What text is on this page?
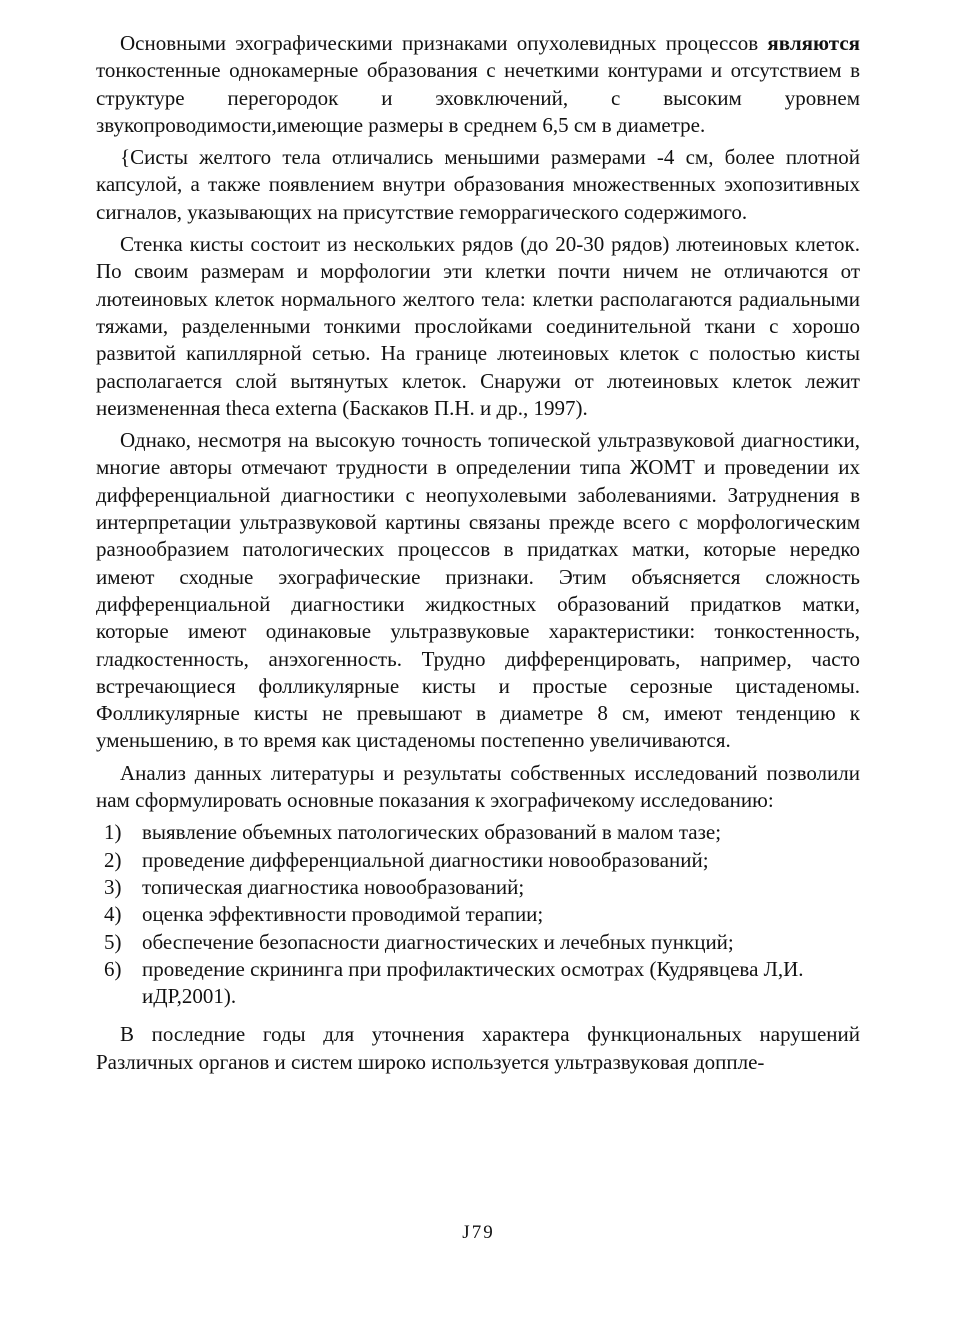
Основными эхографическими признаками опухолевидных процессов являются тонкостенные однокамерные образования с нечеткими контурами и отсутствием в структуре перегородок и эховключений, с высоким уровнем звукопроводимости,имеющие размеры в среднем 6,5 см в диаметре.

{Систы желтого тела отличались меньшими размерами -4 см, более плотной капсулой, а также появлением внутри образования множественных эхопозитивных сигналов, указывающих на присутствие геморрагического содержимого.

Стенка кисты состоит из нескольких рядов (до 20-30 рядов) лютеиновых клеток. По своим размерам и морфологии эти клетки почти ничем не отличаются от лютеиновых клеток нормального желтого тела: клетки располагаются радиальными тяжами, разделенными тонкими прослойками соединительной ткани с хорошо развитой капиллярной сетью. На границе лютеиновых клеток с полостью кисты располагается слой вытянутых клеток. Снаружи от лютеиновых клеток лежит неизмененная theca externa (Баскаков П.Н. и др., 1997).

Однако, несмотря на высокую точность топической ультразвуковой диагностики, многие авторы отмечают трудности в определении типа ЖОМТ и проведении их дифференциальной диагностики с неопухолевыми заболеваниями. Затруднения в интерпретации ультразвуковой картины связаны прежде всего с морфологическим разнообразием патологических процессов в придатках матки, которые нередко имеют сходные эхографические признаки. Этим объясняется сложность дифференциальной диагностики жидкостных образований придатков матки, которые имеют одинаковые ультразвуковые характеристики: тонкостенность, гладкостенность, анэхогенность. Трудно дифференцировать, например, часто встречающиеся фолликулярные кисты и простые серозные цистаденомы. Фолликулярные кисты не превышают в диаметре 8 см, имеют тенденцию к уменьшению, в то время как цистаденомы постепенно увеличиваются.

Анализ данных литературы и результаты собственных исследований позволили нам сформулировать основные показания к эхографичекому исследованию:

1) выявление объемных патологических образований в малом тазе;
2) проведение дифференциальной диагностики новообразований;
3) топическая диагностика новообразований;
4) оценка эффективности проводимой терапии;
5) обеспечение безопасности диагностических и лечебных пункций;
6) проведение скрининга при профилактических осмотрах (Кудрявцева Л,И. иДР,2001).

В последние годы для уточнения характера функциональных нарушений Различных органов и систем широко используется ультразвуковая допплe-

J79
